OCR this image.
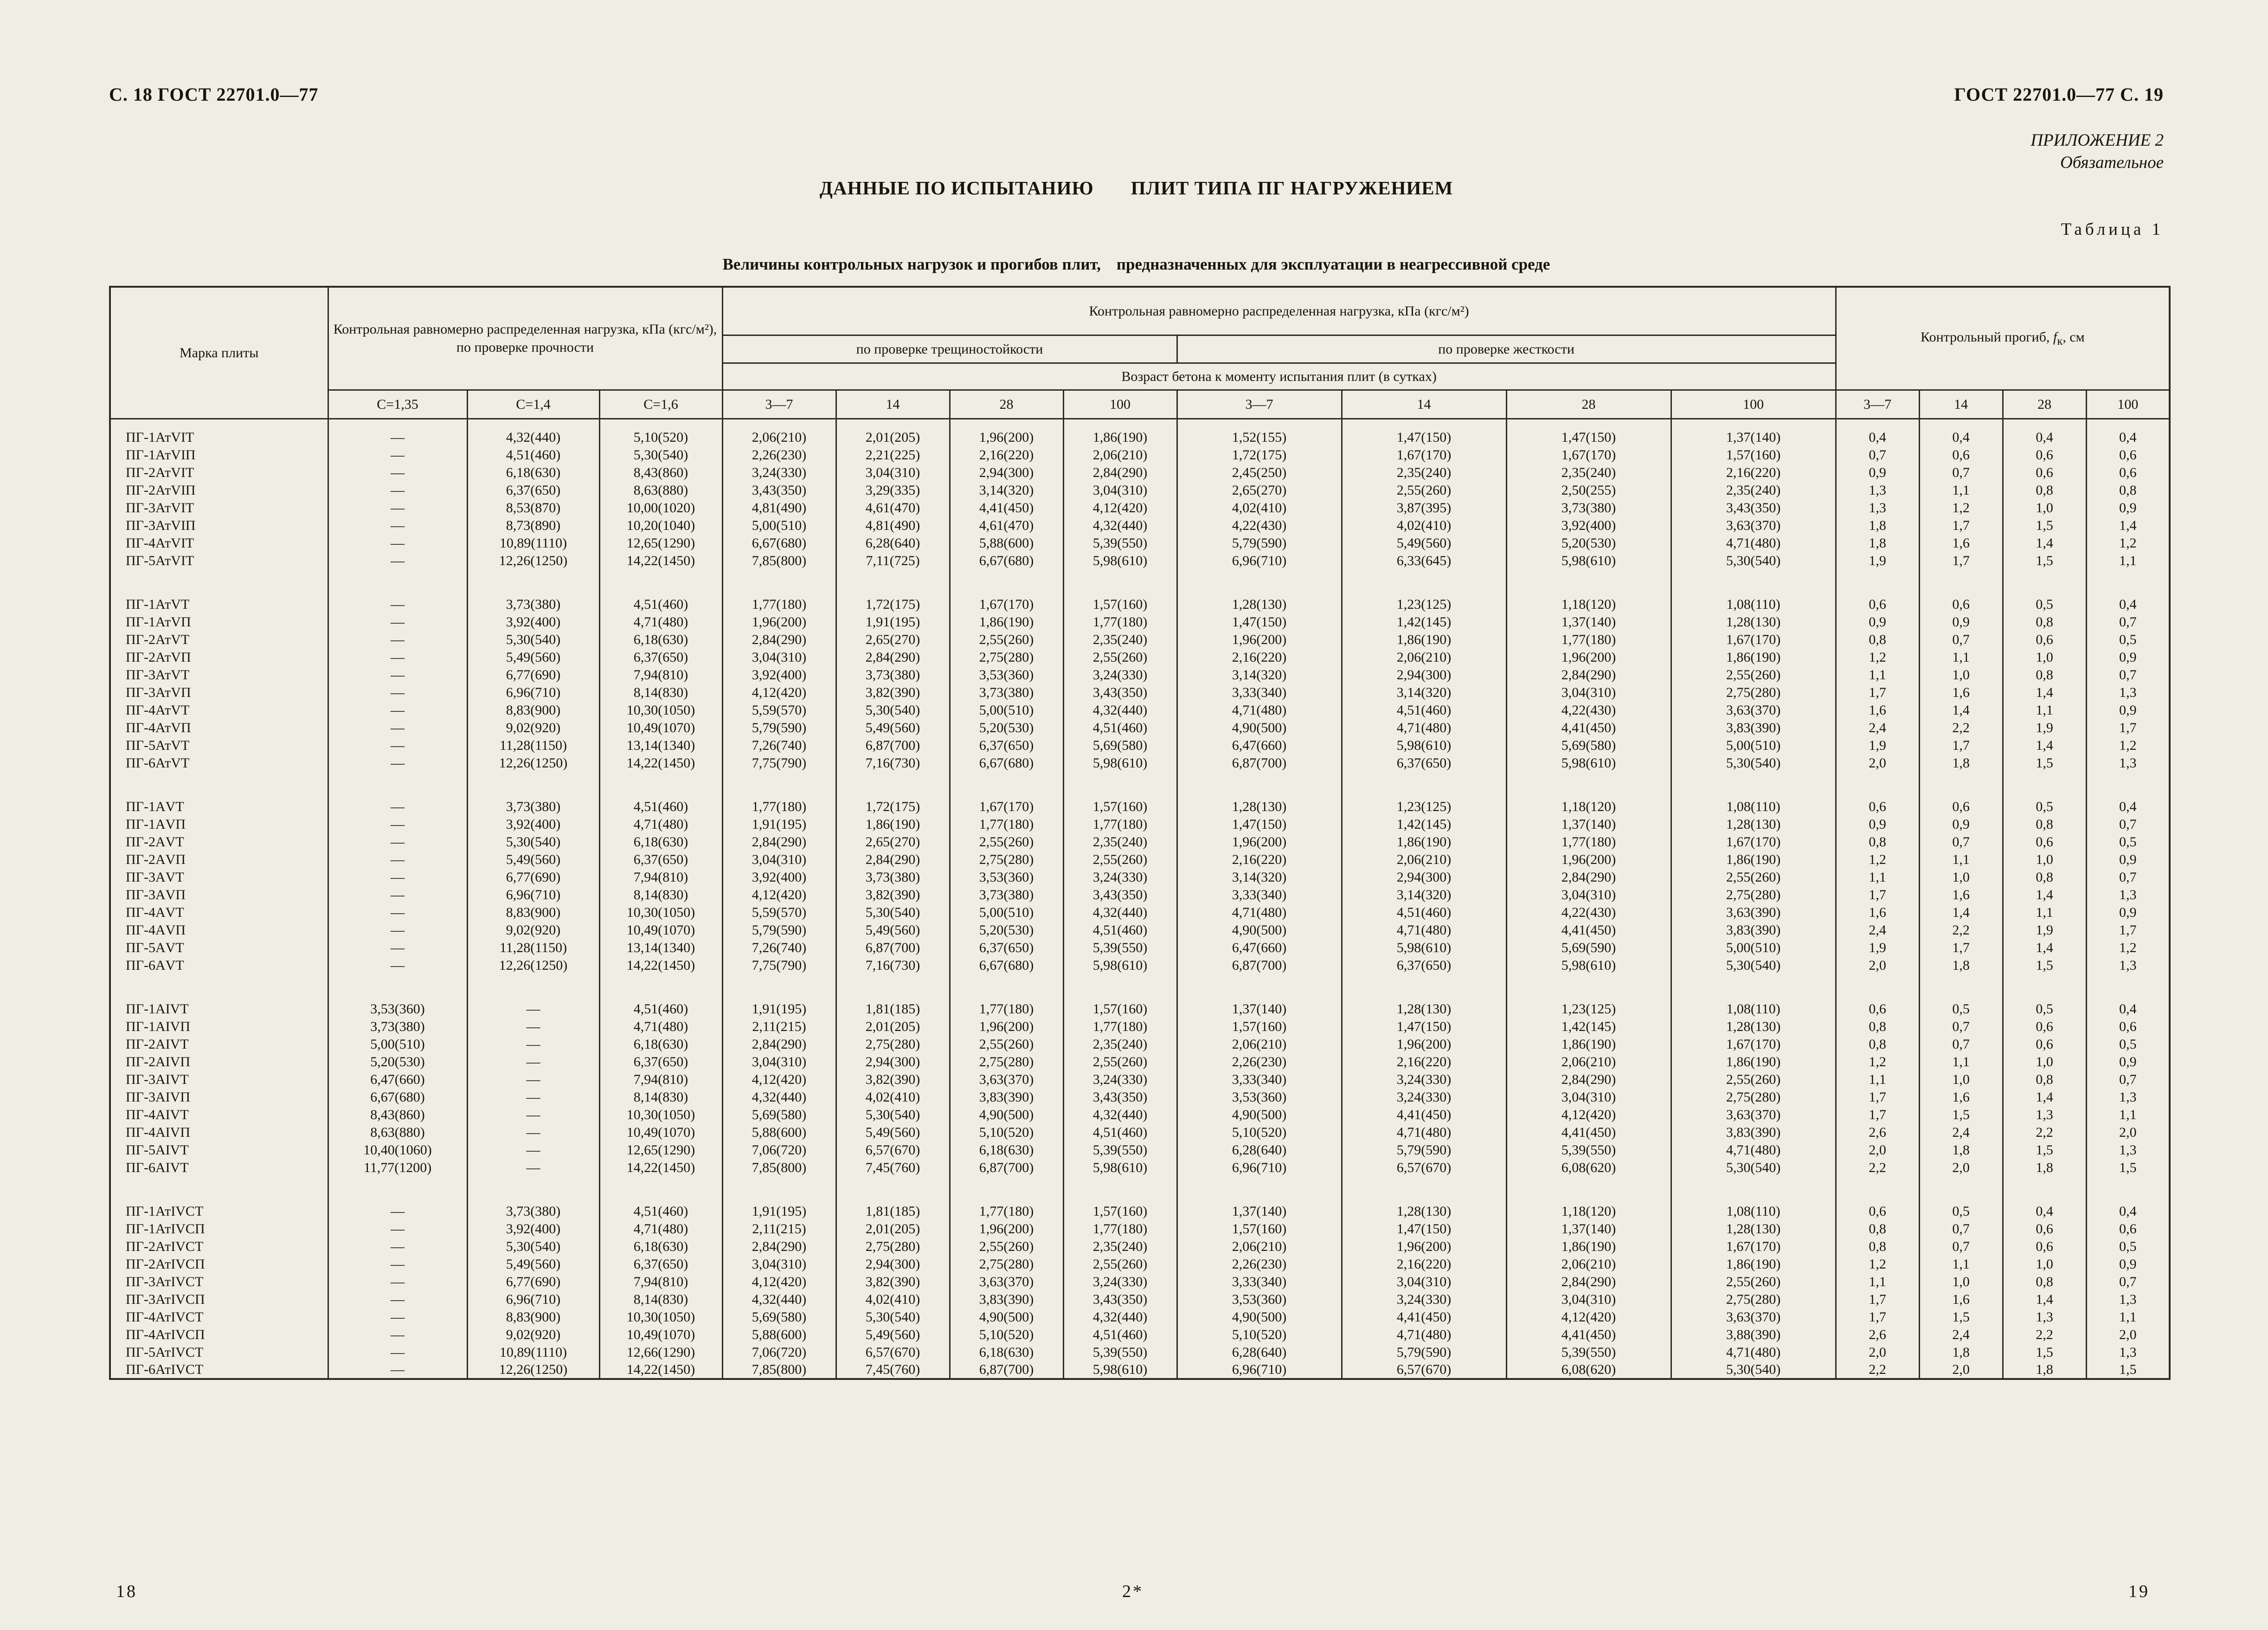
С. 18 ГОСТ 22701.0—77	ГОСТ 22701.0—77 С. 19
ПРИЛОЖЕНИЕ 2
Обязательное
ДАННЫЕ ПО ИСПЫТАНИЮ ПЛИТ ТИПА ПГ НАГРУЖЕНИЕМ
Таблица 1
Величины контрольных нагрузок и прогибов плит, предназначенных для эксплуатации в неагрессивной среде
Марка плиты	Контрольная равномерно распределенная нагрузка, кПа (кгс/м²), по проверке прочности			Контрольная равномерно распределенная нагрузка, кПа (кгс/м²)								Контрольный прогиб, $f_к$, см			
				по проверке трещиностойкости				по проверке жесткости							
				Возраст бетона к моменту испытания плит (в сутках)											
	С=1,35	С=1,4	С=1,6	3—7	14	28	100	3—7	14	28	100	3—7	14	28	100

ПГ-1АтVIТ	—	4,32(440)	5,10(520)	2,06(210)	2,01(205)	1,96(200)	1,86(190)	1,52(155)	1,47(150)	1,47(150)	1,37(140)	0,4	0,4	0,4	0,4
ПГ-1АтVIП	—	4,51(460)	5,30(540)	2,26(230)	2,21(225)	2,16(220)	2,06(210)	1,72(175)	1,67(170)	1,67(170)	1,57(160)	0,7	0,6	0,6	0,6
ПГ-2АтVIТ	—	6,18(630)	8,43(860)	3,24(330)	3,04(310)	2,94(300)	2,84(290)	2,45(250)	2,35(240)	2,35(240)	2,16(220)	0,9	0,7	0,6	0,6
ПГ-2АтVIП	—	6,37(650)	8,63(880)	3,43(350)	3,29(335)	3,14(320)	3,04(310)	2,65(270)	2,55(260)	2,50(255)	2,35(240)	1,3	1,1	0,8	0,8
ПГ-3АтVIТ	—	8,53(870)	10,00(1020)	4,81(490)	4,61(470)	4,41(450)	4,12(420)	4,02(410)	3,87(395)	3,73(380)	3,43(350)	1,3	1,2	1,0	0,9
ПГ-3АтVIП	—	8,73(890)	10,20(1040)	5,00(510)	4,81(490)	4,61(470)	4,32(440)	4,22(430)	4,02(410)	3,92(400)	3,63(370)	1,8	1,7	1,5	1,4
ПГ-4АтVIТ	—	10,89(1110)	12,65(1290)	6,67(680)	6,28(640)	5,88(600)	5,39(550)	5,79(590)	5,49(560)	5,20(530)	4,71(480)	1,8	1,6	1,4	1,2
ПГ-5АтVIТ	—	12,26(1250)	14,22(1450)	7,85(800)	7,11(725)	6,67(680)	5,98(610)	6,96(710)	6,33(645)	5,98(610)	5,30(540)	1,9	1,7	1,5	1,1

ПГ-1АтVТ	—	3,73(380)	4,51(460)	1,77(180)	1,72(175)	1,67(170)	1,57(160)	1,28(130)	1,23(125)	1,18(120)	1,08(110)	0,6	0,6	0,5	0,4
ПГ-1АтVП	—	3,92(400)	4,71(480)	1,96(200)	1,91(195)	1,86(190)	1,77(180)	1,47(150)	1,42(145)	1,37(140)	1,28(130)	0,9	0,9	0,8	0,7
ПГ-2АтVТ	—	5,30(540)	6,18(630)	2,84(290)	2,65(270)	2,55(260)	2,35(240)	1,96(200)	1,86(190)	1,77(180)	1,67(170)	0,8	0,7	0,6	0,5
ПГ-2АтVП	—	5,49(560)	6,37(650)	3,04(310)	2,84(290)	2,75(280)	2,55(260)	2,16(220)	2,06(210)	1,96(200)	1,86(190)	1,2	1,1	1,0	0,9
ПГ-3АтVТ	—	6,77(690)	7,94(810)	3,92(400)	3,73(380)	3,53(360)	3,24(330)	3,14(320)	2,94(300)	2,84(290)	2,55(260)	1,1	1,0	0,8	0,7
ПГ-3АтVП	—	6,96(710)	8,14(830)	4,12(420)	3,82(390)	3,73(380)	3,43(350)	3,33(340)	3,14(320)	3,04(310)	2,75(280)	1,7	1,6	1,4	1,3
ПГ-4АтVТ	—	8,83(900)	10,30(1050)	5,59(570)	5,30(540)	5,00(510)	4,32(440)	4,71(480)	4,51(460)	4,22(430)	3,63(370)	1,6	1,4	1,1	0,9
ПГ-4АтVП	—	9,02(920)	10,49(1070)	5,79(590)	5,49(560)	5,20(530)	4,51(460)	4,90(500)	4,71(480)	4,41(450)	3,83(390)	2,4	2,2	1,9	1,7
ПГ-5АтVТ	—	11,28(1150)	13,14(1340)	7,26(740)	6,87(700)	6,37(650)	5,69(580)	6,47(660)	5,98(610)	5,69(580)	5,00(510)	1,9	1,7	1,4	1,2
ПГ-6АтVТ	—	12,26(1250)	14,22(1450)	7,75(790)	7,16(730)	6,67(680)	5,98(610)	6,87(700)	6,37(650)	5,98(610)	5,30(540)	2,0	1,8	1,5	1,3

ПГ-1АVТ	—	3,73(380)	4,51(460)	1,77(180)	1,72(175)	1,67(170)	1,57(160)	1,28(130)	1,23(125)	1,18(120)	1,08(110)	0,6	0,6	0,5	0,4
ПГ-1АVП	—	3,92(400)	4,71(480)	1,91(195)	1,86(190)	1,77(180)	1,77(180)	1,47(150)	1,42(145)	1,37(140)	1,28(130)	0,9	0,9	0,8	0,7
ПГ-2АVТ	—	5,30(540)	6,18(630)	2,84(290)	2,65(270)	2,55(260)	2,35(240)	1,96(200)	1,86(190)	1,77(180)	1,67(170)	0,8	0,7	0,6	0,5
ПГ-2АVП	—	5,49(560)	6,37(650)	3,04(310)	2,84(290)	2,75(280)	2,55(260)	2,16(220)	2,06(210)	1,96(200)	1,86(190)	1,2	1,1	1,0	0,9
ПГ-3АVТ	—	6,77(690)	7,94(810)	3,92(400)	3,73(380)	3,53(360)	3,24(330)	3,14(320)	2,94(300)	2,84(290)	2,55(260)	1,1	1,0	0,8	0,7
ПГ-3АVП	—	6,96(710)	8,14(830)	4,12(420)	3,82(390)	3,73(380)	3,43(350)	3,33(340)	3,14(320)	3,04(310)	2,75(280)	1,7	1,6	1,4	1,3
ПГ-4АVТ	—	8,83(900)	10,30(1050)	5,59(570)	5,30(540)	5,00(510)	4,32(440)	4,71(480)	4,51(460)	4,22(430)	3,63(390)	1,6	1,4	1,1	0,9
ПГ-4АVП	—	9,02(920)	10,49(1070)	5,79(590)	5,49(560)	5,20(530)	4,51(460)	4,90(500)	4,71(480)	4,41(450)	3,83(390)	2,4	2,2	1,9	1,7
ПГ-5АVТ	—	11,28(1150)	13,14(1340)	7,26(740)	6,87(700)	6,37(650)	5,39(550)	6,47(660)	5,98(610)	5,69(590)	5,00(510)	1,9	1,7	1,4	1,2
ПГ-6АVТ	—	12,26(1250)	14,22(1450)	7,75(790)	7,16(730)	6,67(680)	5,98(610)	6,87(700)	6,37(650)	5,98(610)	5,30(540)	2,0	1,8	1,5	1,3

ПГ-1АIVТ	3,53(360)	—	4,51(460)	1,91(195)	1,81(185)	1,77(180)	1,57(160)	1,37(140)	1,28(130)	1,23(125)	1,08(110)	0,6	0,5	0,5	0,4
ПГ-1АIVП	3,73(380)	—	4,71(480)	2,11(215)	2,01(205)	1,96(200)	1,77(180)	1,57(160)	1,47(150)	1,42(145)	1,28(130)	0,8	0,7	0,6	0,6
ПГ-2АIVТ	5,00(510)	—	6,18(630)	2,84(290)	2,75(280)	2,55(260)	2,35(240)	2,06(210)	1,96(200)	1,86(190)	1,67(170)	0,8	0,7	0,6	0,5
ПГ-2АIVП	5,20(530)	—	6,37(650)	3,04(310)	2,94(300)	2,75(280)	2,55(260)	2,26(230)	2,16(220)	2,06(210)	1,86(190)	1,2	1,1	1,0	0,9
ПГ-3АIVТ	6,47(660)	—	7,94(810)	4,12(420)	3,82(390)	3,63(370)	3,24(330)	3,33(340)	3,24(330)	2,84(290)	2,55(260)	1,1	1,0	0,8	0,7
ПГ-3АIVП	6,67(680)	—	8,14(830)	4,32(440)	4,02(410)	3,83(390)	3,43(350)	3,53(360)	3,24(330)	3,04(310)	2,75(280)	1,7	1,6	1,4	1,3
ПГ-4АIVТ	8,43(860)	—	10,30(1050)	5,69(580)	5,30(540)	4,90(500)	4,32(440)	4,90(500)	4,41(450)	4,12(420)	3,63(370)	1,7	1,5	1,3	1,1
ПГ-4АIVП	8,63(880)	—	10,49(1070)	5,88(600)	5,49(560)	5,10(520)	4,51(460)	5,10(520)	4,71(480)	4,41(450)	3,83(390)	2,6	2,4	2,2	2,0
ПГ-5АIVТ	10,40(1060)	—	12,65(1290)	7,06(720)	6,57(670)	6,18(630)	5,39(550)	6,28(640)	5,79(590)	5,39(550)	4,71(480)	2,0	1,8	1,5	1,3
ПГ-6АIVТ	11,77(1200)	—	14,22(1450)	7,85(800)	7,45(760)	6,87(700)	5,98(610)	6,96(710)	6,57(670)	6,08(620)	5,30(540)	2,2	2,0	1,8	1,5

ПГ-1АтIVСТ	—	3,73(380)	4,51(460)	1,91(195)	1,81(185)	1,77(180)	1,57(160)	1,37(140)	1,28(130)	1,18(120)	1,08(110)	0,6	0,5	0,4	0,4
ПГ-1АтIVСП	—	3,92(400)	4,71(480)	2,11(215)	2,01(205)	1,96(200)	1,77(180)	1,57(160)	1,47(150)	1,37(140)	1,28(130)	0,8	0,7	0,6	0,6
ПГ-2АтIVСТ	—	5,30(540)	6,18(630)	2,84(290)	2,75(280)	2,55(260)	2,35(240)	2,06(210)	1,96(200)	1,86(190)	1,67(170)	0,8	0,7	0,6	0,5
ПГ-2АтIVСП	—	5,49(560)	6,37(650)	3,04(310)	2,94(300)	2,75(280)	2,55(260)	2,26(230)	2,16(220)	2,06(210)	1,86(190)	1,2	1,1	1,0	0,9
ПГ-3АтIVСТ	—	6,77(690)	7,94(810)	4,12(420)	3,82(390)	3,63(370)	3,24(330)	3,33(340)	3,04(310)	2,84(290)	2,55(260)	1,1	1,0	0,8	0,7
ПГ-3АтIVСП	—	6,96(710)	8,14(830)	4,32(440)	4,02(410)	3,83(390)	3,43(350)	3,53(360)	3,24(330)	3,04(310)	2,75(280)	1,7	1,6	1,4	1,3
ПГ-4АтIVСТ	—	8,83(900)	10,30(1050)	5,69(580)	5,30(540)	4,90(500)	4,32(440)	4,90(500)	4,41(450)	4,12(420)	3,63(370)	1,7	1,5	1,3	1,1
ПГ-4АтIVСП	—	9,02(920)	10,49(1070)	5,88(600)	5,49(560)	5,10(520)	4,51(460)	5,10(520)	4,71(480)	4,41(450)	3,88(390)	2,6	2,4	2,2	2,0
ПГ-5АтIVСТ	—	10,89(1110)	12,66(1290)	7,06(720)	6,57(670)	6,18(630)	5,39(550)	6,28(640)	5,79(590)	5,39(550)	4,71(480)	2,0	1,8	1,5	1,3
ПГ-6АтIVСТ	—	12,26(1250)	14,22(1450)	7,85(800)	7,45(760)	6,87(700)	5,98(610)	6,96(710)	6,57(670)	6,08(620)	5,30(540)	2,2	2,0	1,8	1,5
18	2*	19
